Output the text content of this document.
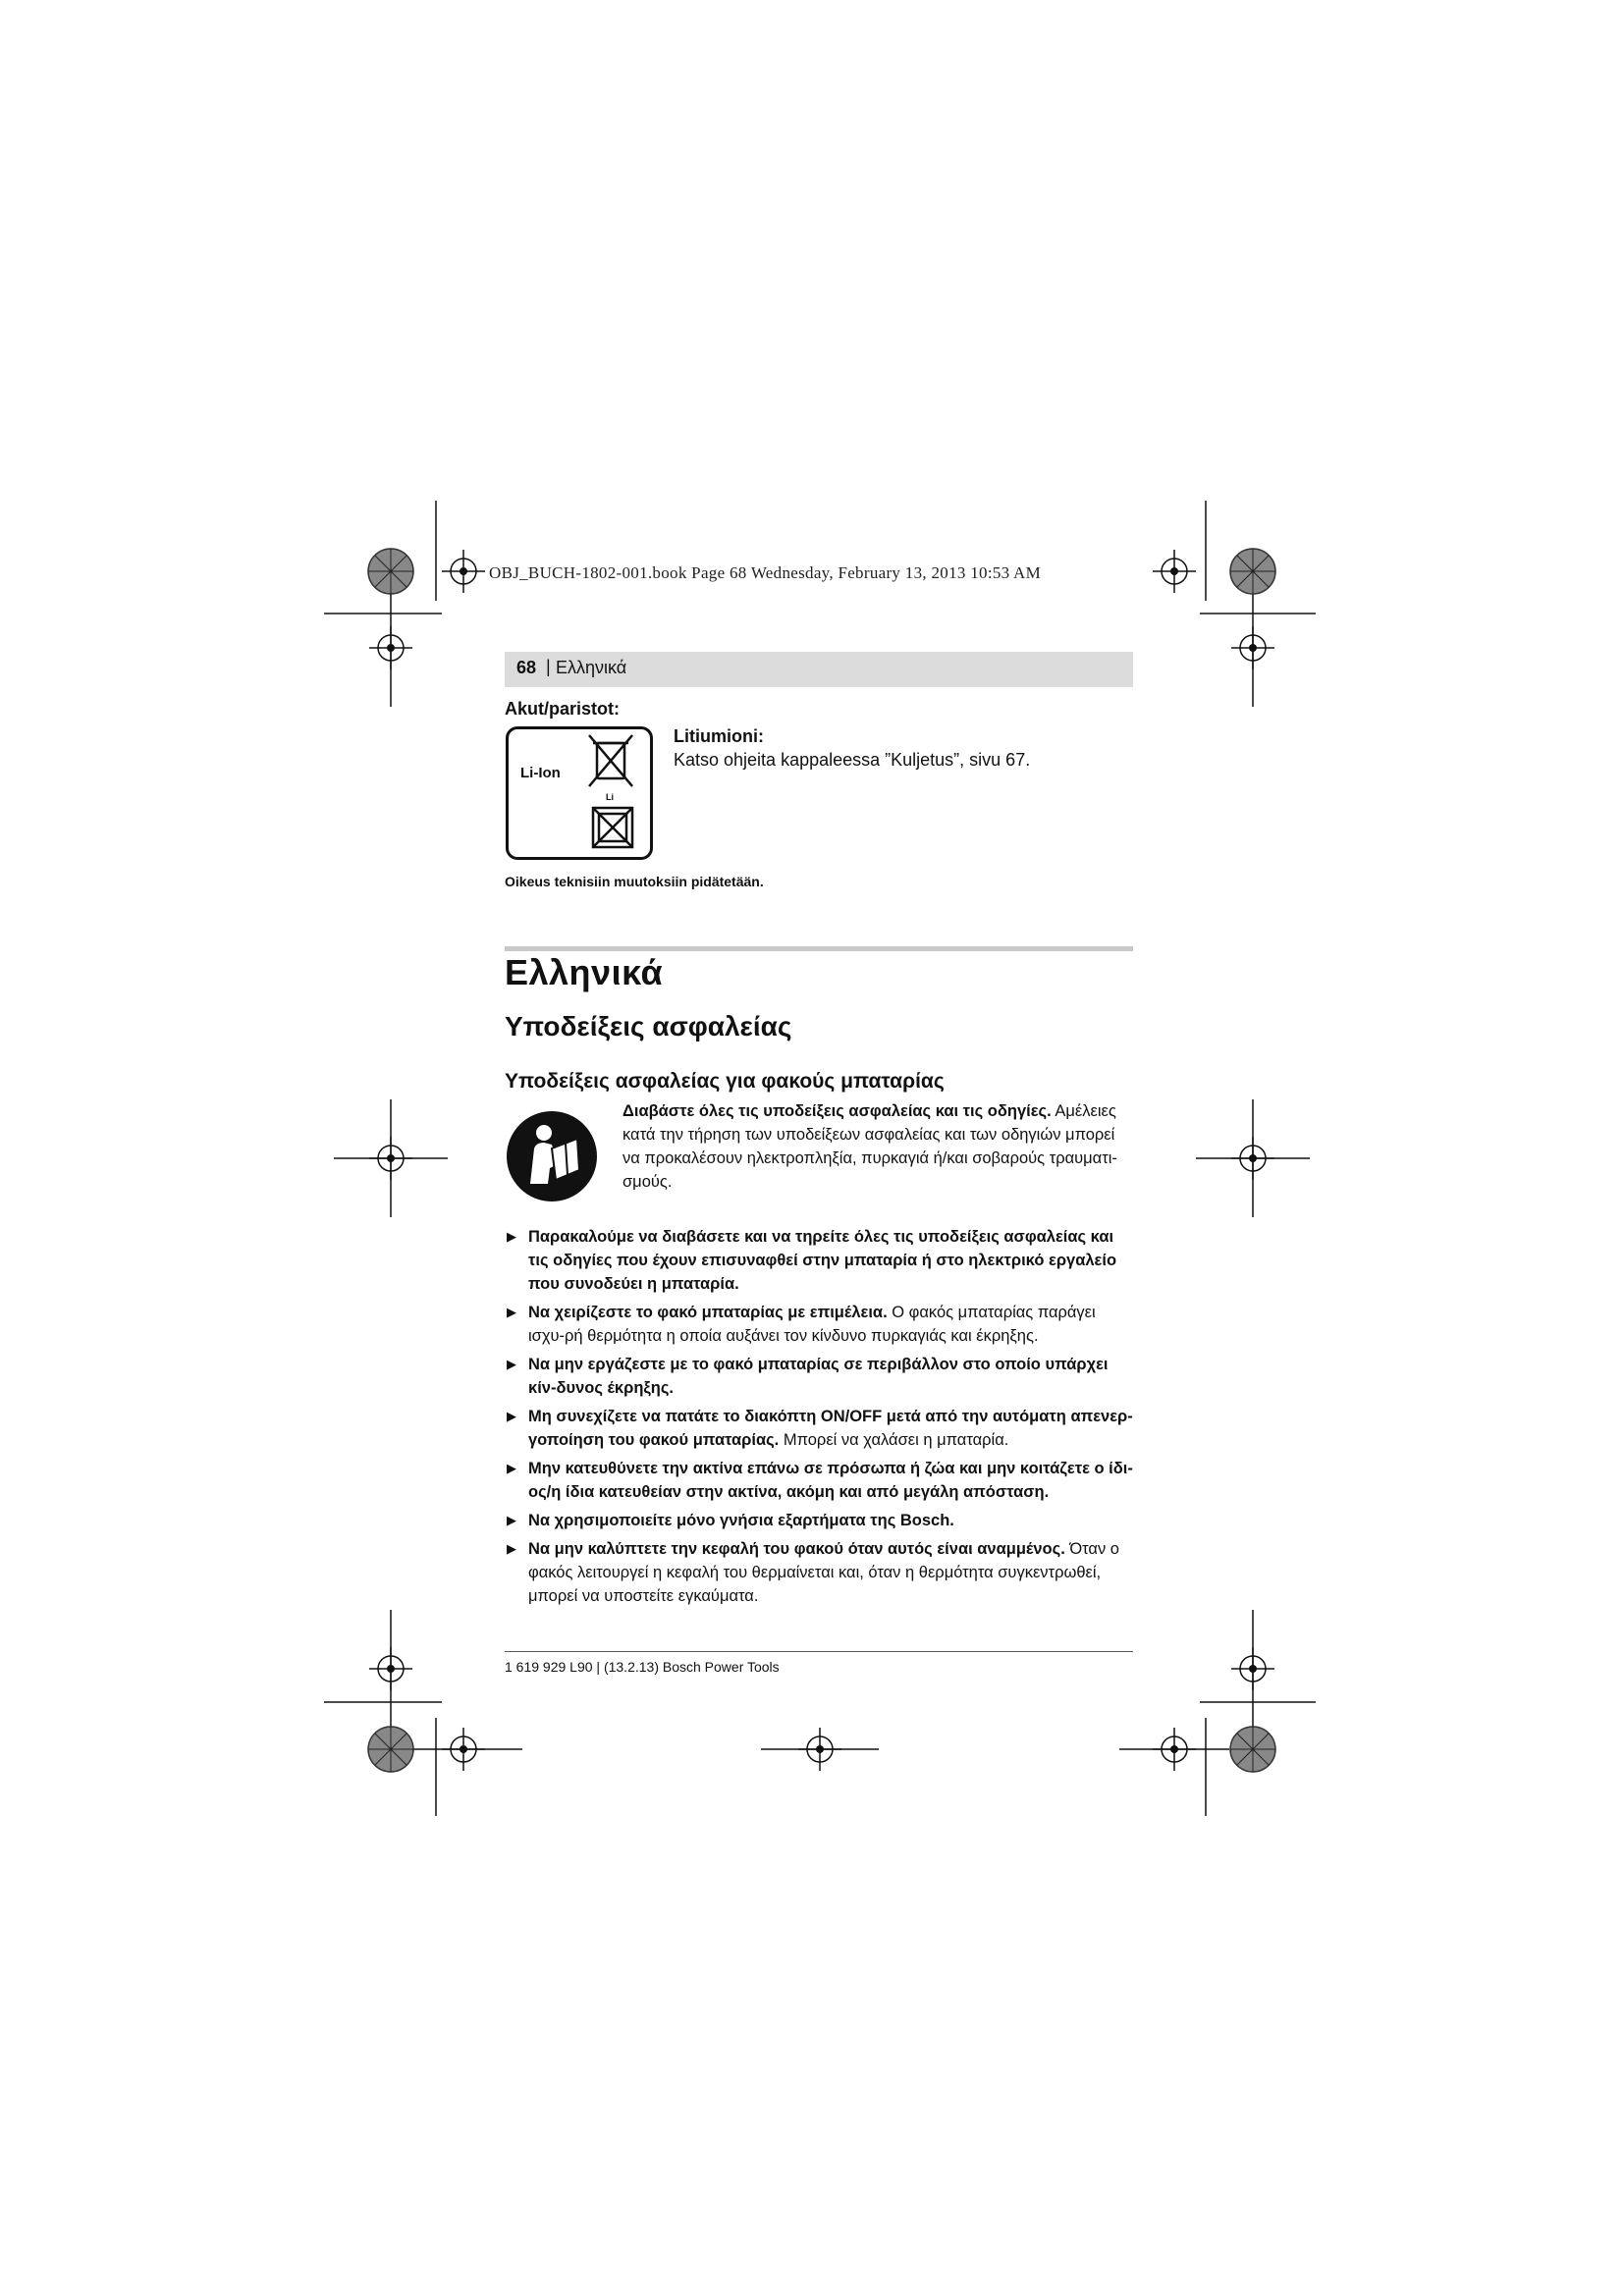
OBJ_BUCH-1802-001.book Page 68 Wednesday, February 13, 2013 10:53 AM
68 | Ελληνικά
Akut/paristot:
Li-Ion
Li
Litiumioni:
Katso ohjeita kappaleessa ”Kuljetus”, sivu 67.
Oikeus teknisiin muutoksiin pidätetään.
Ελληνικά
Υποδείξεις ασφαλείας
Υποδείξεις ασφαλείας για φακούς μπαταρίας
Διαβάστε όλες τις υποδείξεις ασφαλείας και τις οδηγίες. Αμέλειες κατά την τήρηση των υποδείξεων ασφαλείας και των οδηγιών μπορεί να προκαλέσουν ηλεκτροπληξία, πυρκαγιά ή/και σοβαρούς τραυματι-σμούς.
▶ Παρακαλούμε να διαβάσετε και να τηρείτε όλες τις υποδείξεις ασφαλείας και τις οδηγίες που έχουν επισυναφθεί στην μπαταρία ή στο ηλεκτρικό εργαλείο που συνοδεύει η μπαταρία.
▶ Να χειρίζεστε το φακό μπαταρίας με επιμέλεια. Ο φακός μπαταρίας παράγει ισχυ-ρή θερμότητα η οποία αυξάνει τον κίνδυνο πυρκαγιάς και έκρηξης.
▶ Να μην εργάζεστε με το φακό μπαταρίας σε περιβάλλον στο οποίο υπάρχει κίν-δυνος έκρηξης.
▶ Μη συνεχίζετε να πατάτε το διακόπτη ON/OFF μετά από την αυτόματη απενερ-γοποίηση του φακού μπαταρίας. Μπορεί να χαλάσει η μπαταρία.
▶ Μην κατευθύνετε την ακτίνα επάνω σε πρόσωπα ή ζώα και μην κοιτάζετε ο ίδι-ος/η ίδια κατευθείαν στην ακτίνα, ακόμη και από μεγάλη απόσταση.
▶ Να χρησιμοποιείτε μόνο γνήσια εξαρτήματα της Bosch.
▶ Να μην καλύπτετε την κεφαλή του φακού όταν αυτός είναι αναμμένος. Όταν ο φακός λειτουργεί η κεφαλή του θερμαίνεται και, όταν η θερμότητα συγκεντρωθεί, μπορεί να υποστείτε εγκαύματα.
1 619 929 L90 | (13.2.13) Bosch Power Tools
